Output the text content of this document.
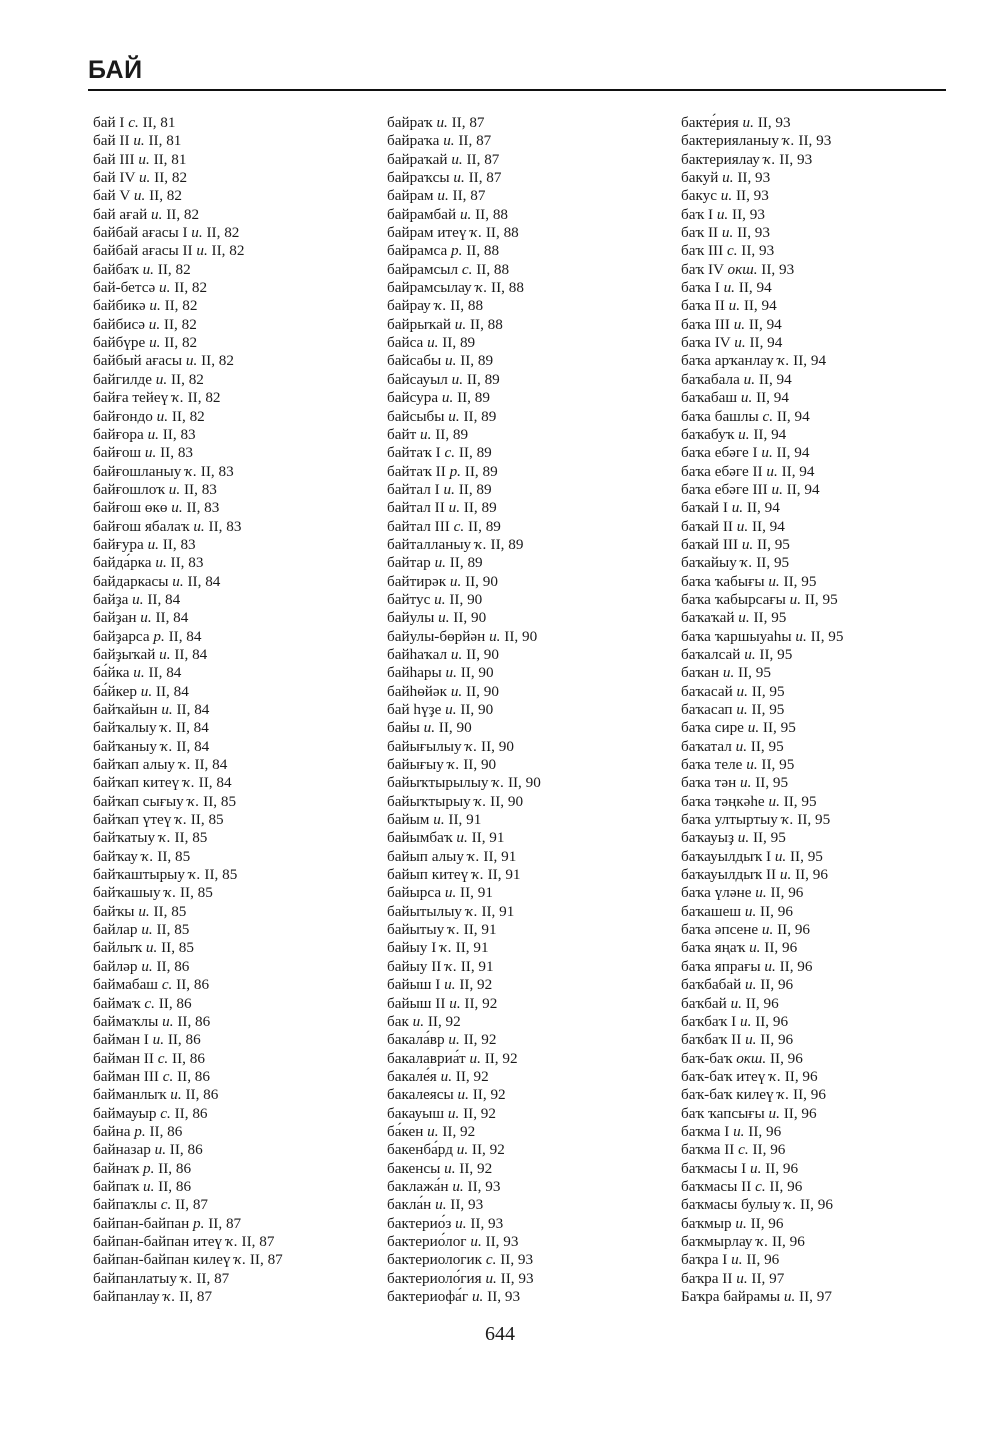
БАЙ
бай I с. II, 81
бай II и. II, 81
бай III и. II, 81
бай IV и. II, 82
бай V и. II, 82
бай ағай и. II, 82
байбай ағасы I и. II, 82
байбай ағасы II и. II, 82
байбаҡ и. II, 82
бай-бетсә и. II, 82
байбикә и. II, 82
байбисә и. II, 82
байбүре и. II, 82
байбый ағасы и. II, 82
байгилде и. II, 82
байға тейеү ҡ. II, 82
байғондо и. II, 82
байғора и. II, 83
байғош и. II, 83
байғошланыу ҡ. II, 83
байғошлоҡ и. II, 83
байғош өкө и. II, 83
байғош ябалаҡ и. II, 83
байғура и. II, 83
байда́рка и. II, 83
байдаркасы и. II, 84
байҙа и. II, 84
байҙан и. II, 84
байҙарса р. II, 84
байҙыҡай и. II, 84
ба́йка и. II, 84
ба́йкер и. II, 84
байҡайын и. II, 84
байҡалыу ҡ. II, 84
байҡаныу ҡ. II, 84
байҡап алыу ҡ. II, 84
байҡап китеү ҡ. II, 84
байҡап сығыу ҡ. II, 85
байҡап үтеү ҡ. II, 85
байҡатыу ҡ. II, 85
байҡау ҡ. II, 85
байҡаштырыу ҡ. II, 85
байҡашыу ҡ. II, 85
байҡы и. II, 85
байлар и. II, 85
байлыҡ и. II, 85
байләр и. II, 86
баймабаш с. II, 86
баймаҡ с. II, 86
баймаҡлы и. II, 86
байман I и. II, 86
байман II с. II, 86
байман III с. II, 86
байманлыҡ и. II, 86
баймауыр с. II, 86
байна р. II, 86
байназар и. II, 86
байнаҡ р. II, 86
байпаҡ и. II, 86
байпаҡлы с. II, 87
байпан-байпан р. II, 87
байпан-байпан итеү ҡ. II, 87
байпан-байпан килеү ҡ. II, 87
байпанлатыу ҡ. II, 87
байпанлау ҡ. II, 87
байраҡ и. II, 87
байраҡа и. II, 87
байраҡай и. II, 87
байраҡсы и. II, 87
байрам и. II, 87
байрамбай и. II, 88
байрам итеү ҡ. II, 88
байрамса р. II, 88
байрамсыл с. II, 88
байрамсылау ҡ. II, 88
байрау ҡ. II, 88
байрыҡай и. II, 88
байса и. II, 89
байсабы и. II, 89
байсауыл и. II, 89
байсура и. II, 89
байсыбы и. II, 89
байт и. II, 89
байтаҡ I с. II, 89
байтаҡ II р. II, 89
байтал I и. II, 89
байтал II и. II, 89
байтал III с. II, 89
байталланыу ҡ. II, 89
байтар и. II, 89
байтирәк и. II, 90
байтус и. II, 90
байулы и. II, 90
байулы-бөрйән и. II, 90
байһаҡал и. II, 90
байһары и. II, 90
байһөйәк и. II, 90
бай һүҙе и. II, 90
байы и. II, 90
байығылыу ҡ. II, 90
байығыу ҡ. II, 90
байыҡтырылыу ҡ. II, 90
байыҡтырыу ҡ. II, 90
байым и. II, 91
байымбаҡ и. II, 91
байып алыу ҡ. II, 91
байып китеү ҡ. II, 91
байырса и. II, 91
байытылыу ҡ. II, 91
байытыу ҡ. II, 91
байыу I ҡ. II, 91
байыу II ҡ. II, 91
байыш I и. II, 92
байыш II и. II, 92
бак и. II, 92
бакала́вр и. II, 92
бакалавриа́т и. II, 92
бакале́я и. II, 92
бакалеясы и. II, 92
бакауыш и. II, 92
ба́кен и. II, 92
бакенба́рд и. II, 92
бакенсы и. II, 92
баклажа́н и. II, 93
бакла́н и. II, 93
бактерио́з и. II, 93
бактерио́лог и. II, 93
бактериологик с. II, 93
бактериоло́гия и. II, 93
бактериофа́г и. II, 93
бакте́рия и. II, 93
бактерияланыу ҡ. II, 93
бактериялау ҡ. II, 93
бакуй и. II, 93
бакус и. II, 93
баҡ I и. II, 93
баҡ II и. II, 93
баҡ III с. II, 93
баҡ IV окш. II, 93
баҡа I и. II, 94
баҡа II и. II, 94
баҡа III и. II, 94
баҡа IV и. II, 94
баҡа арҡанлау ҡ. II, 94
баҡабала и. II, 94
баҡабаш и. II, 94
баҡа башлы с. II, 94
баҡабуҡ и. II, 94
баҡа ебәге I и. II, 94
баҡа ебәге II и. II, 94
баҡа ебәге III и. II, 94
баҡай I и. II, 94
баҡай II и. II, 94
баҡай III и. II, 95
баҡайыу ҡ. II, 95
баҡа ҡабығы и. II, 95
баҡа ҡабырсағы и. II, 95
баҡаҡай и. II, 95
баҡа ҡаршыуаһы и. II, 95
баҡалсай и. II, 95
баҡан и. II, 95
баҡасай и. II, 95
баҡасап и. II, 95
баҡа сире и. II, 95
баҡатал и. II, 95
баҡа теле и. II, 95
баҡа тән и. II, 95
баҡа тәңкәһе и. II, 95
баҡа ултыртыу ҡ. II, 95
баҡауыҙ и. II, 95
баҡауылдыҡ I и. II, 95
баҡауылдыҡ II и. II, 96
баҡа үләне и. II, 96
баҡашеш и. II, 96
баҡа әпсене и. II, 96
баҡа яңаҡ и. II, 96
баҡа япрағы и. II, 96
баҡбабай и. II, 96
баҡбай и. II, 96
баҡбаҡ I и. II, 96
баҡбаҡ II и. II, 96
баҡ-баҡ окш. II, 96
баҡ-баҡ итеү ҡ. II, 96
баҡ-баҡ килеү ҡ. II, 96
баҡ ҡапсығы и. II, 96
баҡма I и. II, 96
баҡма II с. II, 96
баҡмасы I и. II, 96
баҡмасы II с. II, 96
баҡмасы булыу ҡ. II, 96
баҡмыр и. II, 96
баҡмырлау ҡ. II, 96
баҡра I и. II, 96
баҡра II и. II, 97
Баҡра байрамы и. II, 97
644
